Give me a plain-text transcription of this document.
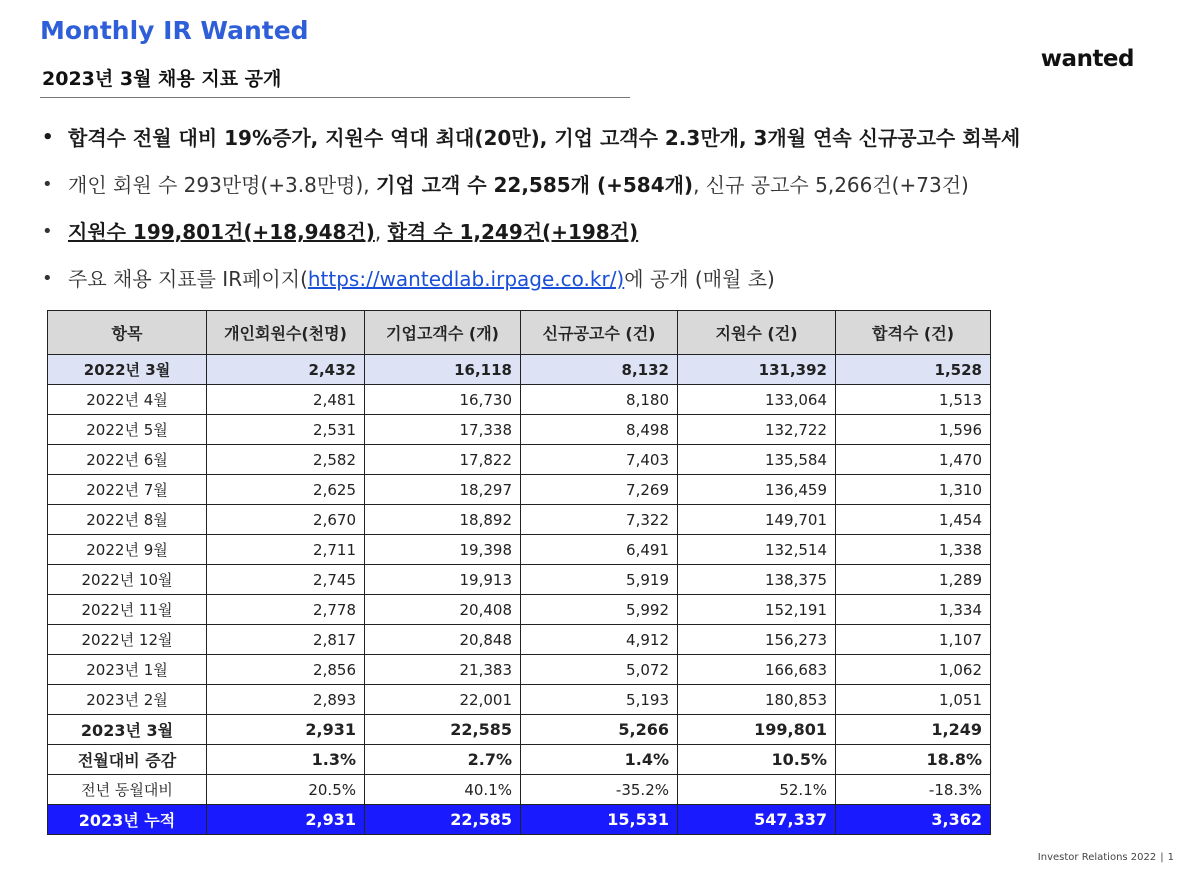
Monthly IR Wanted
2023년 3월 채용 지표 공개
wanted
• 합격수 전월 대비 19%증가, 지원수 역대 최대(20만), 기업 고객수 2.3만개, 3개월 연속 신규공고수 회복세
• 개인 회원 수 293만명(+3.8만명), 기업 고객 수 22,585개 (+584개), 신규 공고수 5,266건(+73건)
• 지원수 199,801건(+18,948건), 합격 수 1,249건(+198건)
• 주요 채용 지표를 IR페이지(https://wantedlab.irpage.co.kr/)에 공개 (매월 초)
항목	개인회원수(천명)	기업고객수 (개)	신규공고수 (건)	지원수 (건)	합격수 (건)
2022년 3월	2,432	16,118	8,132	131,392	1,528
2022년 4월	2,481	16,730	8,180	133,064	1,513
2022년 5월	2,531	17,338	8,498	132,722	1,596
2022년 6월	2,582	17,822	7,403	135,584	1,470
2022년 7월	2,625	18,297	7,269	136,459	1,310
2022년 8월	2,670	18,892	7,322	149,701	1,454
2022년 9월	2,711	19,398	6,491	132,514	1,338
2022년 10월	2,745	19,913	5,919	138,375	1,289
2022년 11월	2,778	20,408	5,992	152,191	1,334
2022년 12월	2,817	20,848	4,912	156,273	1,107
2023년 1월	2,856	21,383	5,072	166,683	1,062
2023년 2월	2,893	22,001	5,193	180,853	1,051
2023년 3월	2,931	22,585	5,266	199,801	1,249
전월대비 증감	1.3%	2.7%	1.4%	10.5%	18.8%
전년 동월대비	20.5%	40.1%	-35.2%	52.1%	-18.3%
2023년 누적	2,931	22,585	15,531	547,337	3,362
Investor Relations 2022 | 1
